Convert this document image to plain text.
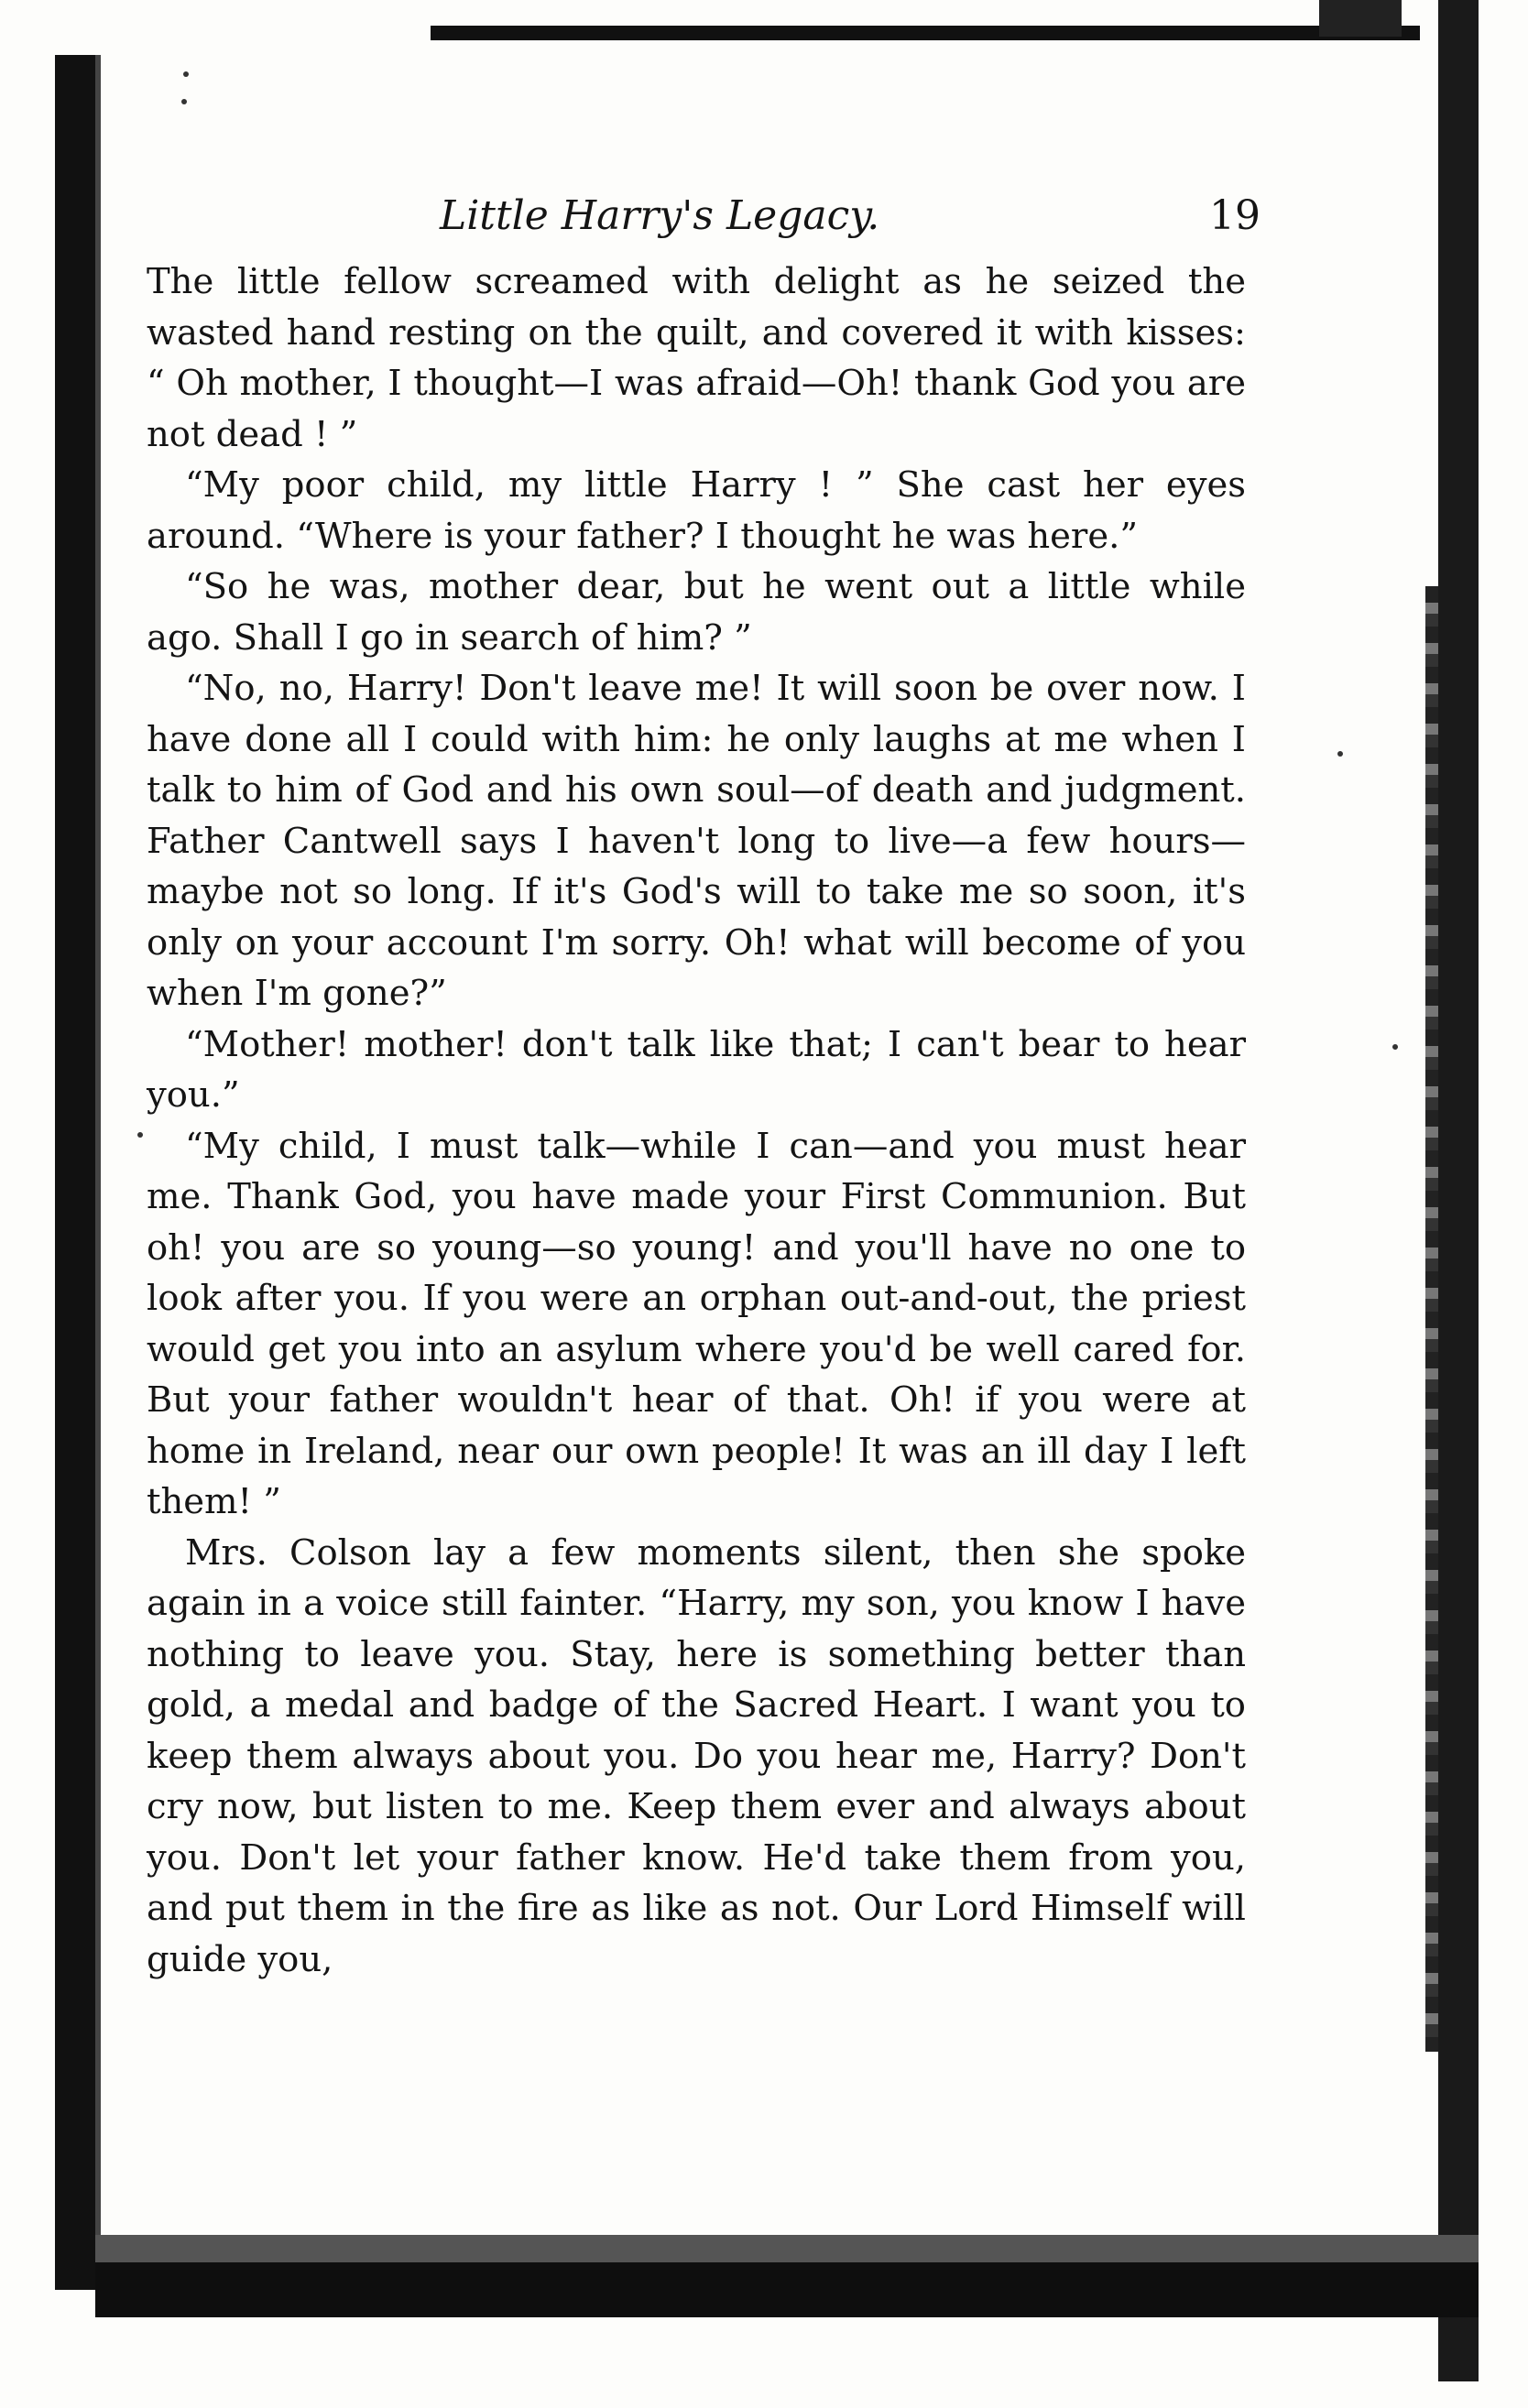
Little Harry's Legacy.	19

The little fellow screamed with delight as he seized the wasted hand resting on the quilt, and covered it with kisses: “ Oh mother, I thought—I was afraid—Oh! thank God you are not dead ! ”

“My poor child, my little Harry ! ” She cast her eyes around. “Where is your father? I thought he was here.”

“So he was, mother dear, but he went out a little while ago. Shall I go in search of him? ”

“No, no, Harry! Don't leave me! It will soon be over now. I have done all I could with him: he only laughs at me when I talk to him of God and his own soul—of death and judgment. Father Cantwell says I haven't long to live—a few hours—maybe not so long. If it's God's will to take me so soon, it's only on your account I'm sorry. Oh! what will become of you when I'm gone?”

“Mother! mother! don't talk like that; I can't bear to hear you.”

“My child, I must talk—while I can—and you must hear me. Thank God, you have made your First Communion. But oh! you are so young—so young! and you'll have no one to look after you. If you were an orphan out-and-out, the priest would get you into an asylum where you'd be well cared for. But your father wouldn't hear of that. Oh! if you were at home in Ireland, near our own people! It was an ill day I left them! ”

Mrs. Colson lay a few moments silent, then she spoke again in a voice still fainter. “Harry, my son, you know I have nothing to leave you. Stay, here is something better than gold, a medal and badge of the Sacred Heart. I want you to keep them always about you. Do you hear me, Harry? Don't cry now, but listen to me. Keep them ever and always about you. Don't let your father know. He'd take them from you, and put them in the fire as like as not. Our Lord Himself will guide you,
